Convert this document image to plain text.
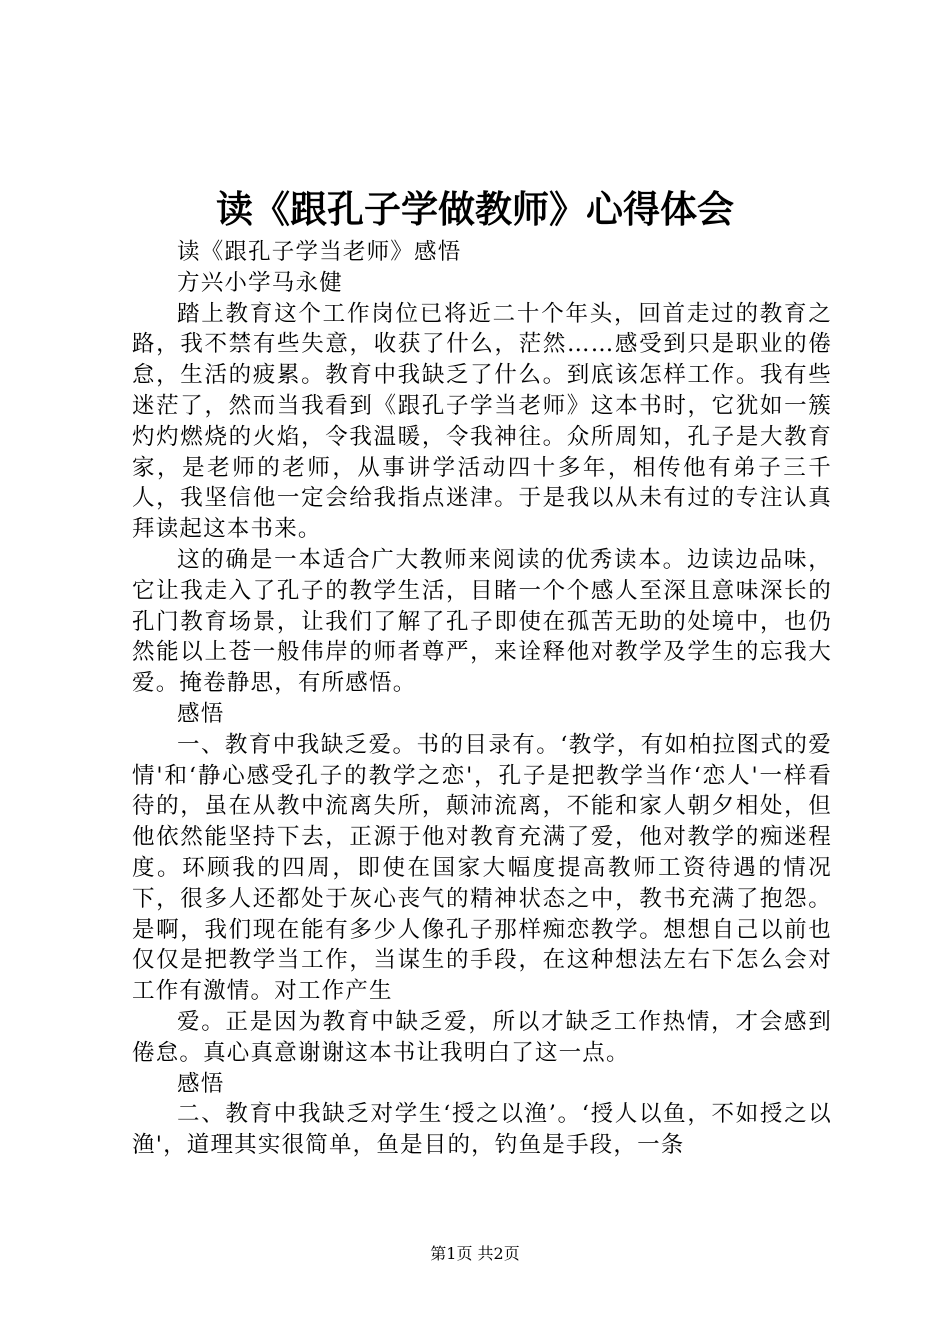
读《跟孔子学做教师》心得体会

读《跟孔子学当老师》感悟

方兴小学马永健

踏上教育这个工作岗位已将近二十个年头，回首走过的教育之路，我不禁有些失意，收获了什么，茫然……感受到只是职业的倦怠，生活的疲累。教育中我缺乏了什么。到底该怎样工作。我有些迷茫了，然而当我看到《跟孔子学当老师》这本书时，它犹如一簇灼灼燃烧的火焰，令我温暖，令我神往。众所周知，孔子是大教育家，是老师的老师，从事讲学活动四十多年，相传他有弟子三千人，我坚信他一定会给我指点迷津。于是我以从未有过的专注认真拜读起这本书来。

这的确是一本适合广大教师来阅读的优秀读本。边读边品味，它让我走入了孔子的教学生活，目睹一个个感人至深且意味深长的孔门教育场景，让我们了解了孔子即使在孤苦无助的处境中，也仍然能以上苍一般伟岸的师者尊严，来诠释他对教学及学生的忘我大爱。掩卷静思，有所感悟。

感悟

一、教育中我缺乏爱。书的目录有。‘教学，有如柏拉图式的爱情'和‘静心感受孔子的教学之恋'，孔子是把教学当作‘恋人'一样看待的，虽在从教中流离失所，颠沛流离，不能和家人朝夕相处，但他依然能坚持下去，正源于他对教育充满了爱，他对教学的痴迷程度。环顾我的四周，即使在国家大幅度提高教师工资待遇的情况下，很多人还都处于灰心丧气的精神状态之中，教书充满了抱怨。是啊，我们现在能有多少人像孔子那样痴恋教学。想想自己以前也仅仅是把教学当工作，当谋生的手段，在这种想法左右下怎么会对工作有激情。对工作产生

爱。正是因为教育中缺乏爱，所以才缺乏工作热情，才会感到倦怠。真心真意谢谢这本书让我明白了这一点。

感悟

二、教育中我缺乏对学生‘授之以渔’。‘授人以鱼，不如授之以渔'，道理其实很简单，鱼是目的，钓鱼是手段，一条

第1页 共2页
